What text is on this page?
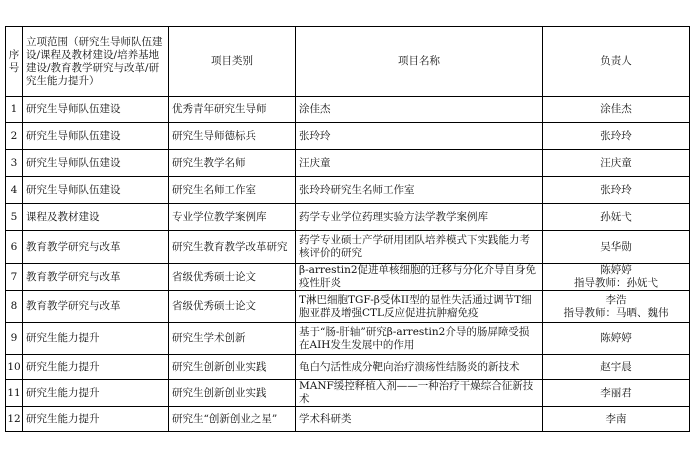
序号	立项范围（研究生导师队伍建设/课程及教材建设/培养基地建设/教育教学研究与改革/研究生能力提升）	项目类别	项目名称	负责人
1	研究生导师队伍建设	优秀青年研究生导师	涂佳杰	涂佳杰

2	研究生导师队伍建设	研究生导师德标兵	张玲玲	张玲玲

3	研究生导师队伍建设	研究生教学名师	汪庆童	汪庆童

4	研究生导师队伍建设	研究生名师工作室	张玲玲研究生名师工作室	张玲玲

5	课程及教材建设	专业学位教学案例库	药学专业学位药理实验方法学教学案例库	孙妩弋

6	教育教学研究与改革	研究生教育教学改革研究	药学专业硕士产学研用团队培养模式下实践能力考核评价的研究	吴华勋

7	教育教学研究与改革	省级优秀硕士论文	β-arrestin2促进单核细胞的迁移与分化介导自身免疫性肝炎	陈婷婷
指导教师：孙妩弋

8	教育教学研究与改革	省级优秀硕士论文	T淋巴细胞TGF-β受体II型的显性失活通过调节T细胞亚群及增强CTL反应促进抗肿瘤免疫	李浩
指导教师：马晒、魏伟

9	研究生能力提升	研究生学术创新	基于“肠-肝轴”研究β-arrestin2介导的肠屏障受损在AIH发生发展中的作用	陈婷婷

10	研究生能力提升	研究生创新创业实践	龟白勺活性成分靶向治疗溃疡性结肠炎的新技术	赵宇晨

11	研究生能力提升	研究生创新创业实践	MANF缓控释植入剂——一种治疗干燥综合征新技术	李丽君

12	研究生能力提升	研究生“创新创业之星”	学术科研类	李南
